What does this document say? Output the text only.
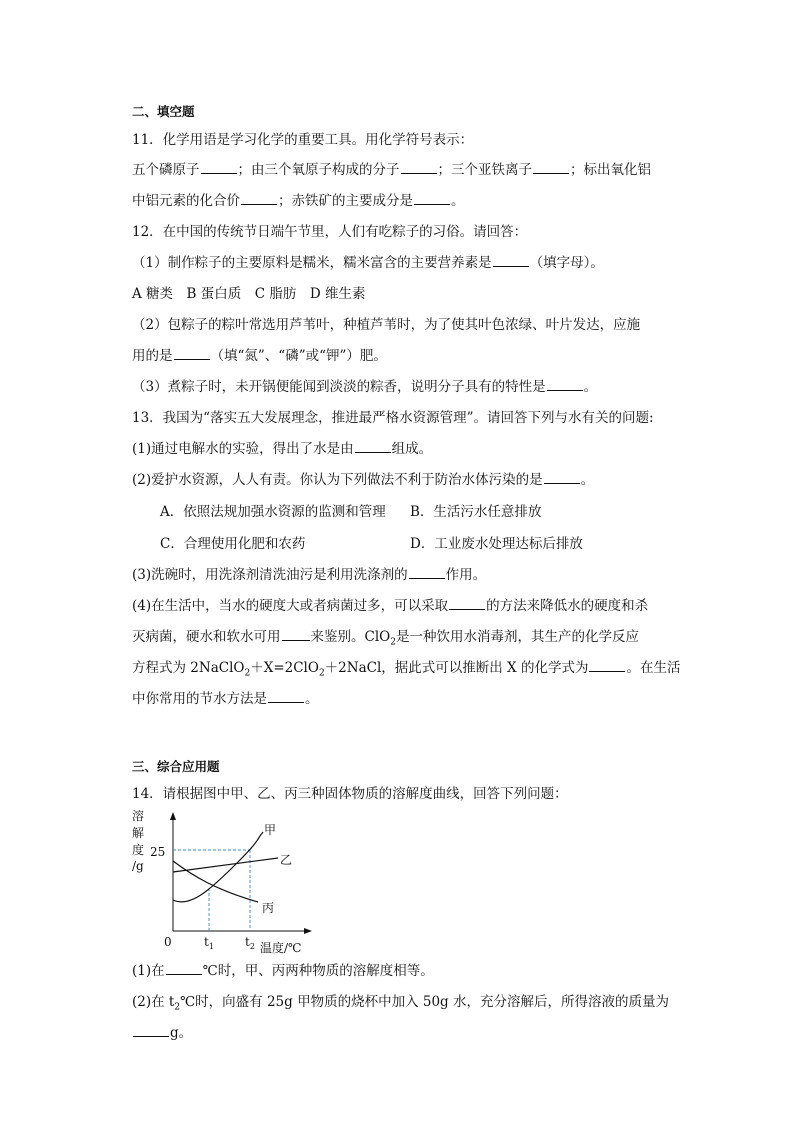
二、填空题
11．化学用语是学习化学的重要工具。用化学符号表示：
五个磷原子	；由三个氧原子构成的分子	；三个亚铁离子	；标出氧化铝
中铝元素的化合价	；赤铁矿的主要成分是	。
12．在中国的传统节日端午节里，人们有吃粽子的习俗。请回答：
（1）制作粽子的主要原料是糯米，糯米富含的主要营养素是	（填字母）。
A 糖类　B 蛋白质　C 脂肪　D 维生素
（2）包粽子的粽叶常选用芦苇叶，种植芦苇时，为了使其叶色浓绿、叶片发达，应施
用的是	（填“氮”、“磷”或“钾”）肥。
（3）煮粽子时，未开锅便能闻到淡淡的粽香，说明分子具有的特性是	。
13．我国为“落实五大发展理念，推进最严格水资源管理”。请回答下列与水有关的问题:
(1)通过电解水的实验，得出了水是由	组成。
(2)爱护水资源，人人有责。你认为下列做法不利于防治水体污染的是	。
A．依照法规加强水资源的监测和管理 B．生活污水任意排放
C．合理使用化肥和农药	D．工业废水处理达标后排放
(3)洗碗时，用洗涤剂清洗油污是利用洗涤剂的	作用。
(4)在生活中，当水的硬度大或者病菌过多，可以采取	的方法来降低水的硬度和杀
灭病菌，硬水和软水可用 来鉴别。ClO$_2$是一种饮用水消毒剂，其生产的化学反应
方程式为 2NaClO$_2$＋X=2ClO$_2$＋2NaCl，据此式可以推断出 X 的化学式为	。在生活
中你常用的节水方法是	。
三、综合应用题
14．请根据图中甲、乙、丙三种固体物质的溶解度曲线，回答下列问题：
溶
解
度
/g
25
甲
乙
丙
0	$t_1$	$t_2$ 温度/℃
(1)在	℃时，甲、丙两种物质的溶解度相等。
(2)在 $t_2℃$时，向盛有 25g 甲物质的烧杯中加入 50g 水，充分溶解后，所得溶液的质量为
g。
